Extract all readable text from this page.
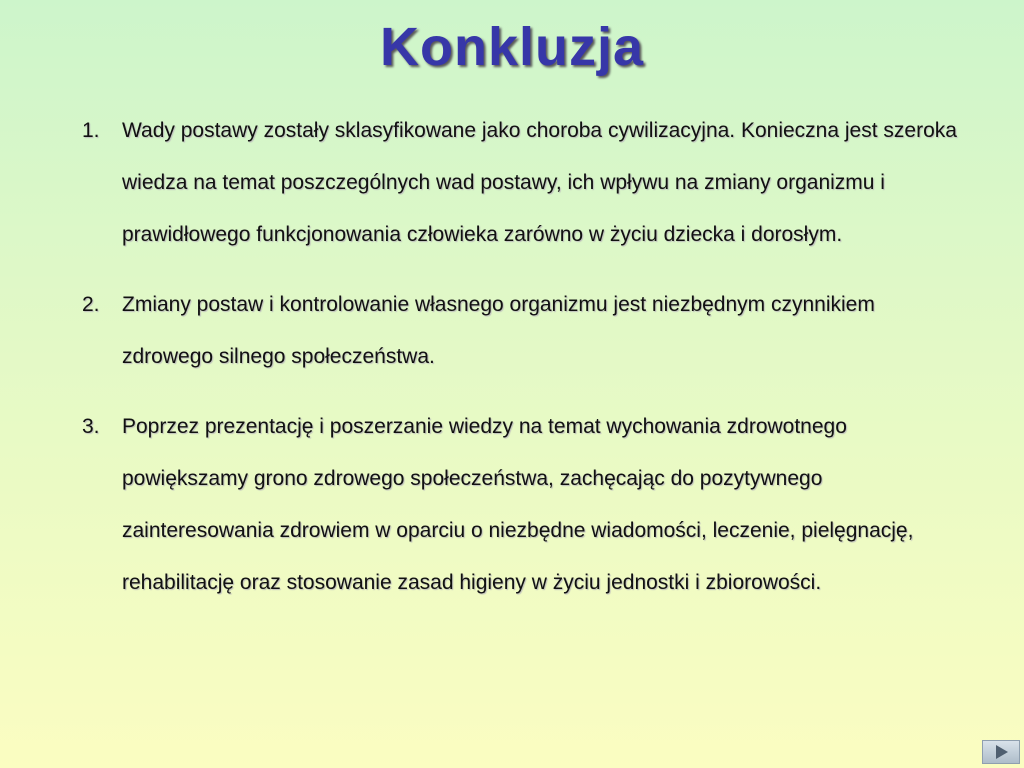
Konkluzja
1. Wady postawy zostały sklasyfikowane jako choroba cywilizacyjna. Konieczna jest szeroka wiedza na temat poszczególnych wad postawy, ich wpływu na zmiany organizmu i prawidłowego funkcjonowania człowieka zarówno w życiu dziecka i dorosłym.
2. Zmiany postaw i kontrolowanie własnego organizmu jest niezbędnym czynnikiem zdrowego silnego społeczeństwa.
3. Poprzez prezentację i poszerzanie wiedzy na temat wychowania zdrowotnego powiększamy grono zdrowego społeczeństwa, zachęcając do pozytywnego zainteresowania zdrowiem w oparciu o niezbędne wiadomości, leczenie, pielęgnację, rehabilitację oraz stosowanie zasad higieny w życiu jednostki i zbiorowości.
